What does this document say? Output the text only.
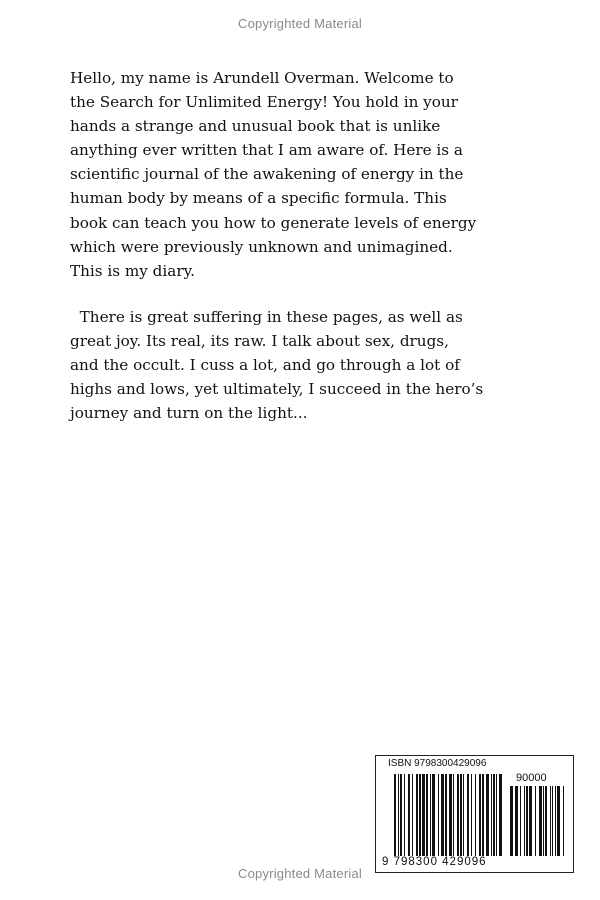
Copyrighted Material

Hello, my name is Arundell Overman. Welcome to
the Search for Unlimited Energy! You hold in your
hands a strange and unusual book that is unlike
anything ever written that I am aware of. Here is a
scientific journal of the awakening of energy in the
human body by means of a specific formula. This
book can teach you how to generate levels of energy
which were previously unknown and unimagined.
This is my diary.

There is great suffering in these pages, as well as
great joy. Its real, its raw. I talk about sex, drugs,
and the occult. I cuss a lot, and go through a lot of
highs and lows, yet ultimately, I succeed in the hero’s
journey and turn on the light...

ISBN 9798300429096
90000
9 798300 429096
Copyrighted Material
